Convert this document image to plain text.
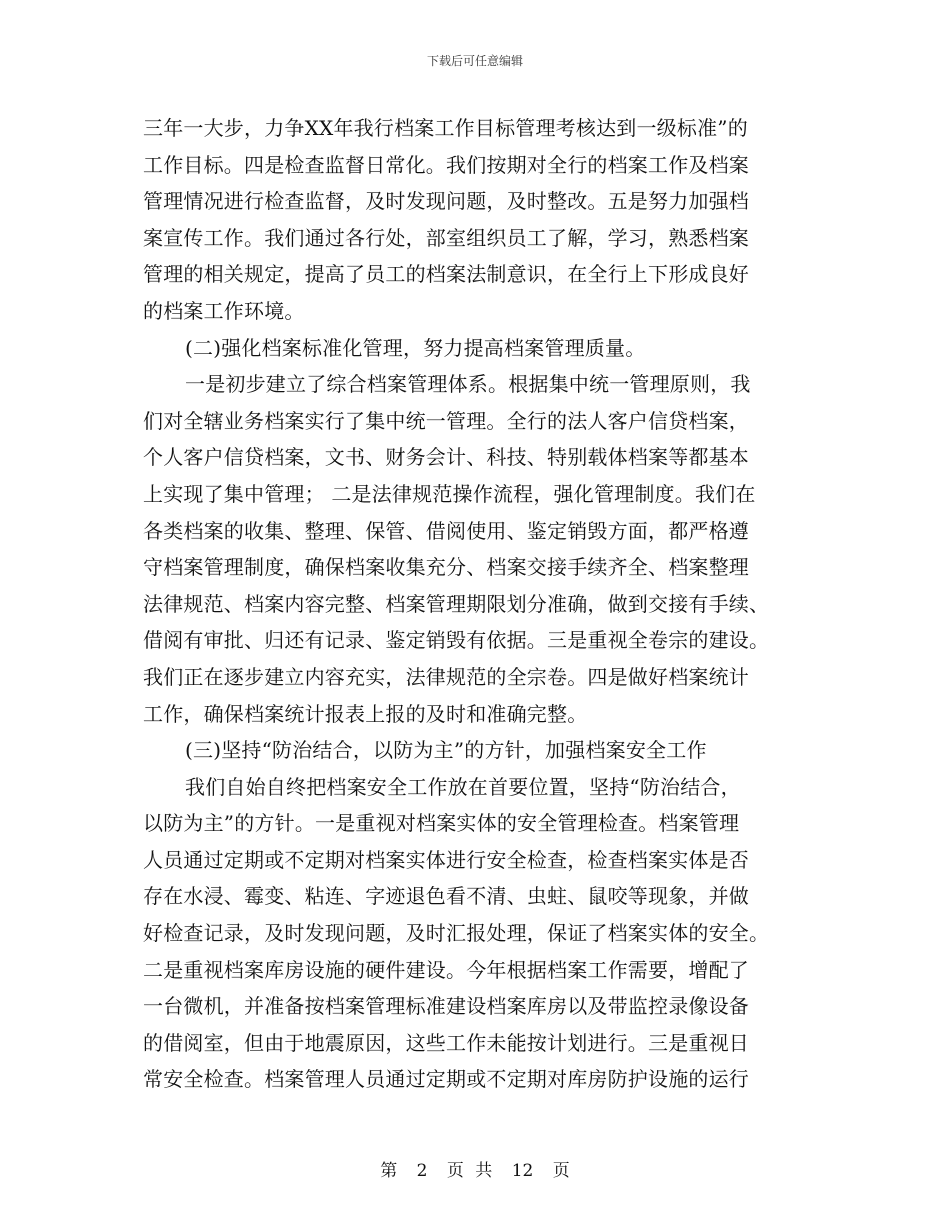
下载后可任意编辑
三年一大步，力争XX年我行档案工作目标管理考核达到一级标准”的
工作目标。四是检查监督日常化。我们按期对全行的档案工作及档案
管理情况进行检查监督，及时发现问题，及时整改。五是努力加强档
案宣传工作。我们通过各行处，部室组织员工了解，学习，熟悉档案
管理的相关规定，提高了员工的档案法制意识，在全行上下形成良好
的档案工作环境。
(二)强化档案标准化管理，努力提高档案管理质量。
一是初步建立了综合档案管理体系。根据集中统一管理原则，我
们对全辖业务档案实行了集中统一管理。全行的法人客户信贷档案，
个人客户信贷档案，文书、财务会计、科技、特别载体档案等都基本
上实现了集中管理； 二是法律规范操作流程，强化管理制度。我们在
各类档案的收集、整理、保管、借阅使用、鉴定销毁方面，都严格遵
守档案管理制度，确保档案收集充分、档案交接手续齐全、档案整理
法律规范、档案内容完整、档案管理期限划分准确，做到交接有手续、
借阅有审批、归还有记录、鉴定销毁有依据。三是重视全卷宗的建设。
我们正在逐步建立内容充实，法律规范的全宗卷。四是做好档案统计
工作，确保档案统计报表上报的及时和准确完整。
(三)坚持“防治结合，以防为主”的方针，加强档案安全工作
我们自始自终把档案安全工作放在首要位置，坚持“防治结合，
以防为主”的方针。一是重视对档案实体的安全管理检查。档案管理
人员通过定期或不定期对档案实体进行安全检查，检查档案实体是否
存在水浸、霉变、粘连、字迹退色看不清、虫蛀、鼠咬等现象，并做
好检查记录，及时发现问题，及时汇报处理，保证了档案实体的安全。
二是重视档案库房设施的硬件建设。今年根据档案工作需要，增配了
一台微机，并准备按档案管理标准建设档案库房以及带监控录像设备
的借阅室，但由于地震原因，这些工作未能按计划进行。三是重视日
常安全检查。档案管理人员通过定期或不定期对库房防护设施的运行
第 2 页 共 12 页
